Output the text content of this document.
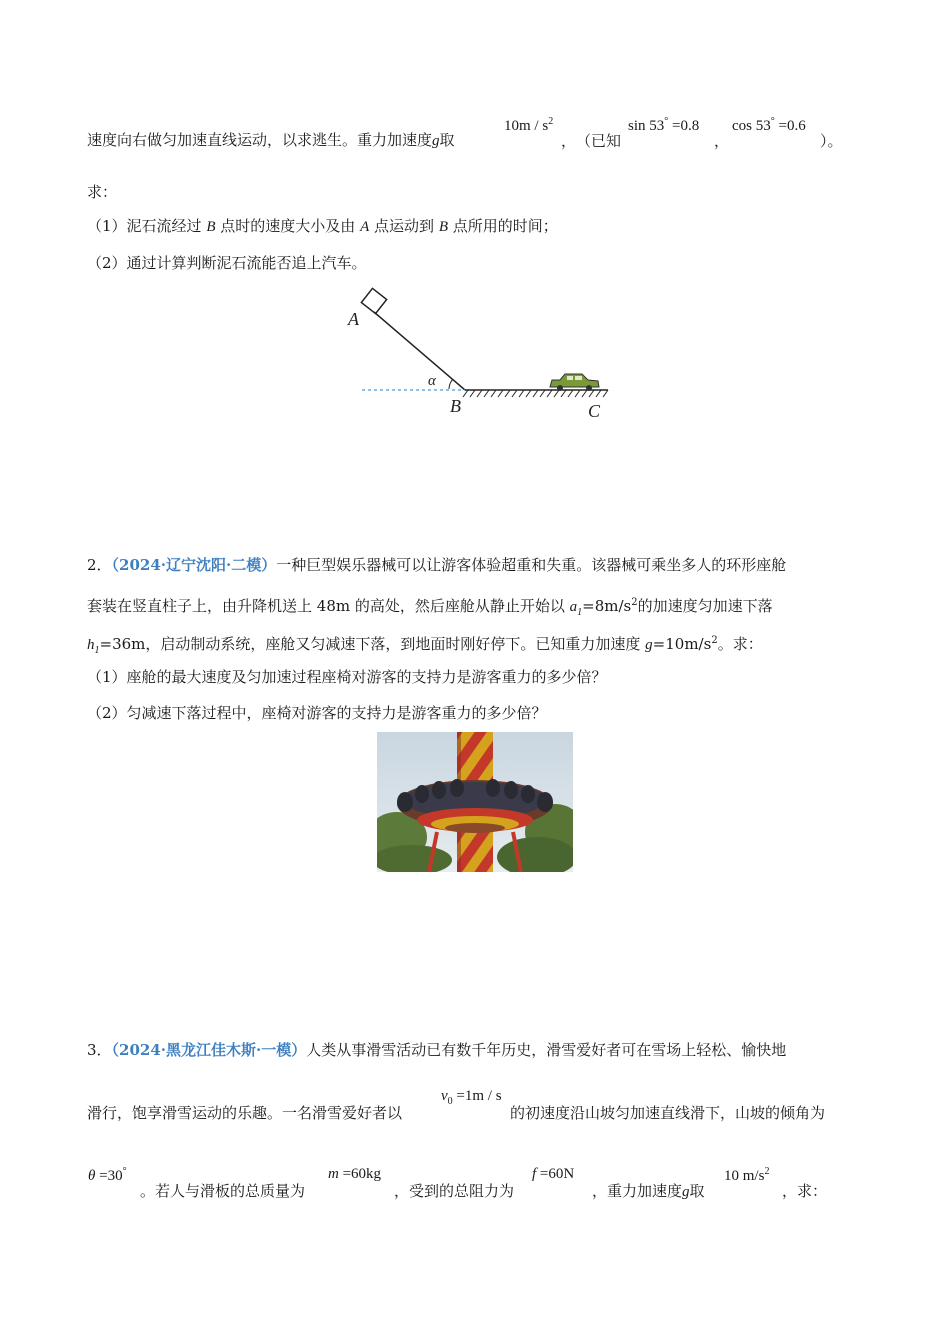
速度向右做匀加速直线运动，以求逃生。重力加速度g取
$10m / s^2$
， （已知
sin 53° =0.8
，
cos 53° =0.6
）。
求：
（1）泥石流经过 B 点时的速度大小及由 A 点运动到 B 点所用的时间；
（2）通过计算判断泥石流能否追上汽车。
A
α
B	C
2．（2024·辽宁沈阳·二模）一种巨型娱乐器械可以让游客体验超重和失重。该器械可乘坐多人的环形座舱
套装在竖直柱子上，由升降机送上 48m 的高处，然后座舱从静止开始以 $a_1=8m/s^2$的加速度匀加速下落
$h_1=36m$，启动制动系统，座舱又匀减速下落，到地面时刚好停下。已知重力加速度 $g=10m/s^2$。求：
（1）座舱的最大速度及匀加速过程座椅对游客的支持力是游客重力的多少倍？
（2）匀减速下落过程中，座椅对游客的支持力是游客重力的多少倍？
3．（2024·黑龙江佳木斯·一模）人类从事滑雪活动已有数千年历史，滑雪爱好者可在雪场上轻松、愉快地
滑行，饱享滑雪运动的乐趣。一名滑雪爱好者以
$v_0 =1m / s$
的初速度沿山坡匀加速直线滑下，山坡的倾角为
θ =30°
。若人与滑板的总质量为
m =60kg
，受到的总阻力为
f =60N
，重力加速度g取
10 $m/s^2$
，求：
